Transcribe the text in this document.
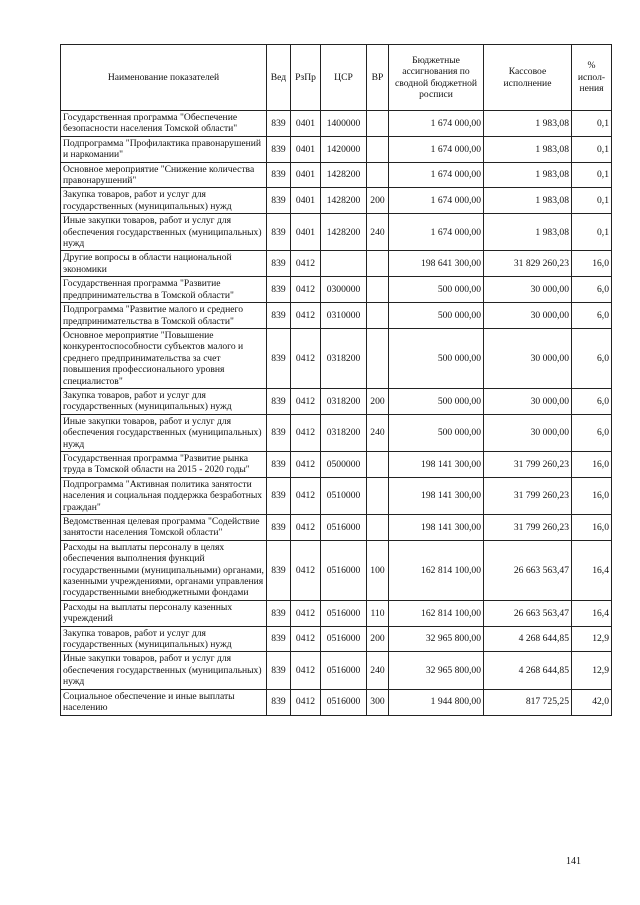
Наименование показателей	Вед	РзПр	ЦСР	ВР	Бюджетные ассигнования по сводной бюджетной росписи	Кассовое исполнение	% испол- нения
Государственная программа "Обеспечение безопасности населения Томской области"	839	0401	1400000		1 674 000,00	1 983,08	0,1
Подпрограмма "Профилактика правонарушений и наркомании"	839	0401	1420000		1 674 000,00	1 983,08	0,1
Основное мероприятие "Снижение количества правонарушений"	839	0401	1428200		1 674 000,00	1 983,08	0,1
Закупка товаров, работ и услуг для государственных (муниципальных) нужд	839	0401	1428200	200	1 674 000,00	1 983,08	0,1
Иные закупки товаров, работ и услуг для обеспечения государственных (муниципальных) нужд	839	0401	1428200	240	1 674 000,00	1 983,08	0,1
Другие вопросы в области национальной экономики	839	0412			198 641 300,00	31 829 260,23	16,0
Государственная программа "Развитие предпринимательства в Томской области"	839	0412	0300000		500 000,00	30 000,00	6,0
Подпрограмма "Развитие малого и среднего предпринимательства в Томской области"	839	0412	0310000		500 000,00	30 000,00	6,0
Основное мероприятие "Повышение конкурентоспособности субъектов малого и среднего предпринимательства за счет повышения профессионального уровня специалистов"	839	0412	0318200		500 000,00	30 000,00	6,0
Закупка товаров, работ и услуг для государственных (муниципальных) нужд	839	0412	0318200	200	500 000,00	30 000,00	6,0
Иные закупки товаров, работ и услуг для обеспечения государственных (муниципальных) нужд	839	0412	0318200	240	500 000,00	30 000,00	6,0
Государственная программа "Развитие рынка труда в Томской области на 2015 - 2020 годы"	839	0412	0500000		198 141 300,00	31 799 260,23	16,0
Подпрограмма "Активная политика занятости населения и социальная поддержка безработных граждан"	839	0412	0510000		198 141 300,00	31 799 260,23	16,0
Ведомственная целевая программа "Содействие занятости населения Томской области"	839	0412	0516000		198 141 300,00	31 799 260,23	16,0
Расходы на выплаты персоналу в целях обеспечения выполнения функций государственными (муниципальными) органами, казенными учреждениями, органами управления государственными внебюджетными фондами	839	0412	0516000	100	162 814 100,00	26 663 563,47	16,4
Расходы на выплаты персоналу казенных учреждений	839	0412	0516000	110	162 814 100,00	26 663 563,47	16,4
Закупка товаров, работ и услуг для государственных (муниципальных) нужд	839	0412	0516000	200	32 965 800,00	4 268 644,85	12,9
Иные закупки товаров, работ и услуг для обеспечения государственных (муниципальных) нужд	839	0412	0516000	240	32 965 800,00	4 268 644,85	12,9
Социальное обеспечение и иные выплаты населению	839	0412	0516000	300	1 944 800,00	817 725,25	42,0
141
